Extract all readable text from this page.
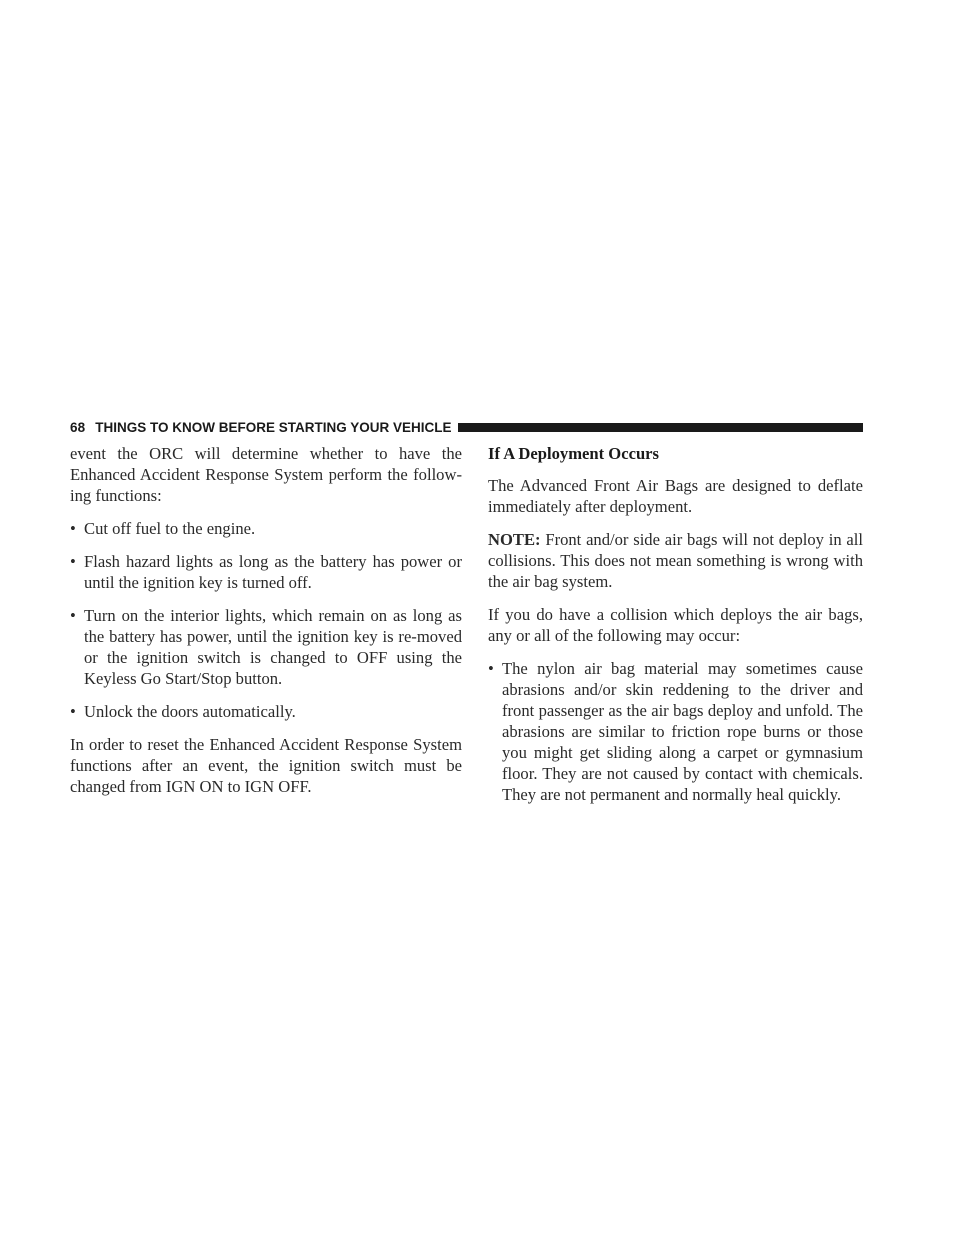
68 THINGS TO KNOW BEFORE STARTING YOUR VEHICLE

event the ORC will determine whether to have the Enhanced Accident Response System perform the follow-ing functions:

• Cut off fuel to the engine.
• Flash hazard lights as long as the battery has power or until the ignition key is turned off.
• Turn on the interior lights, which remain on as long as the battery has power, until the ignition key is re-moved or the ignition switch is changed to OFF using the Keyless Go Start/Stop button.
• Unlock the doors automatically.

In order to reset the Enhanced Accident Response System functions after an event, the ignition switch must be changed from IGN ON to IGN OFF.

If A Deployment Occurs

The Advanced Front Air Bags are designed to deflate immediately after deployment.

NOTE: Front and/or side air bags will not deploy in all collisions. This does not mean something is wrong with the air bag system.

If you do have a collision which deploys the air bags, any or all of the following may occur:

• The nylon air bag material may sometimes cause abrasions and/or skin reddening to the driver and front passenger as the air bags deploy and unfold. The abrasions are similar to friction rope burns or those you might get sliding along a carpet or gymnasium floor. They are not caused by contact with chemicals. They are not permanent and normally heal quickly.
